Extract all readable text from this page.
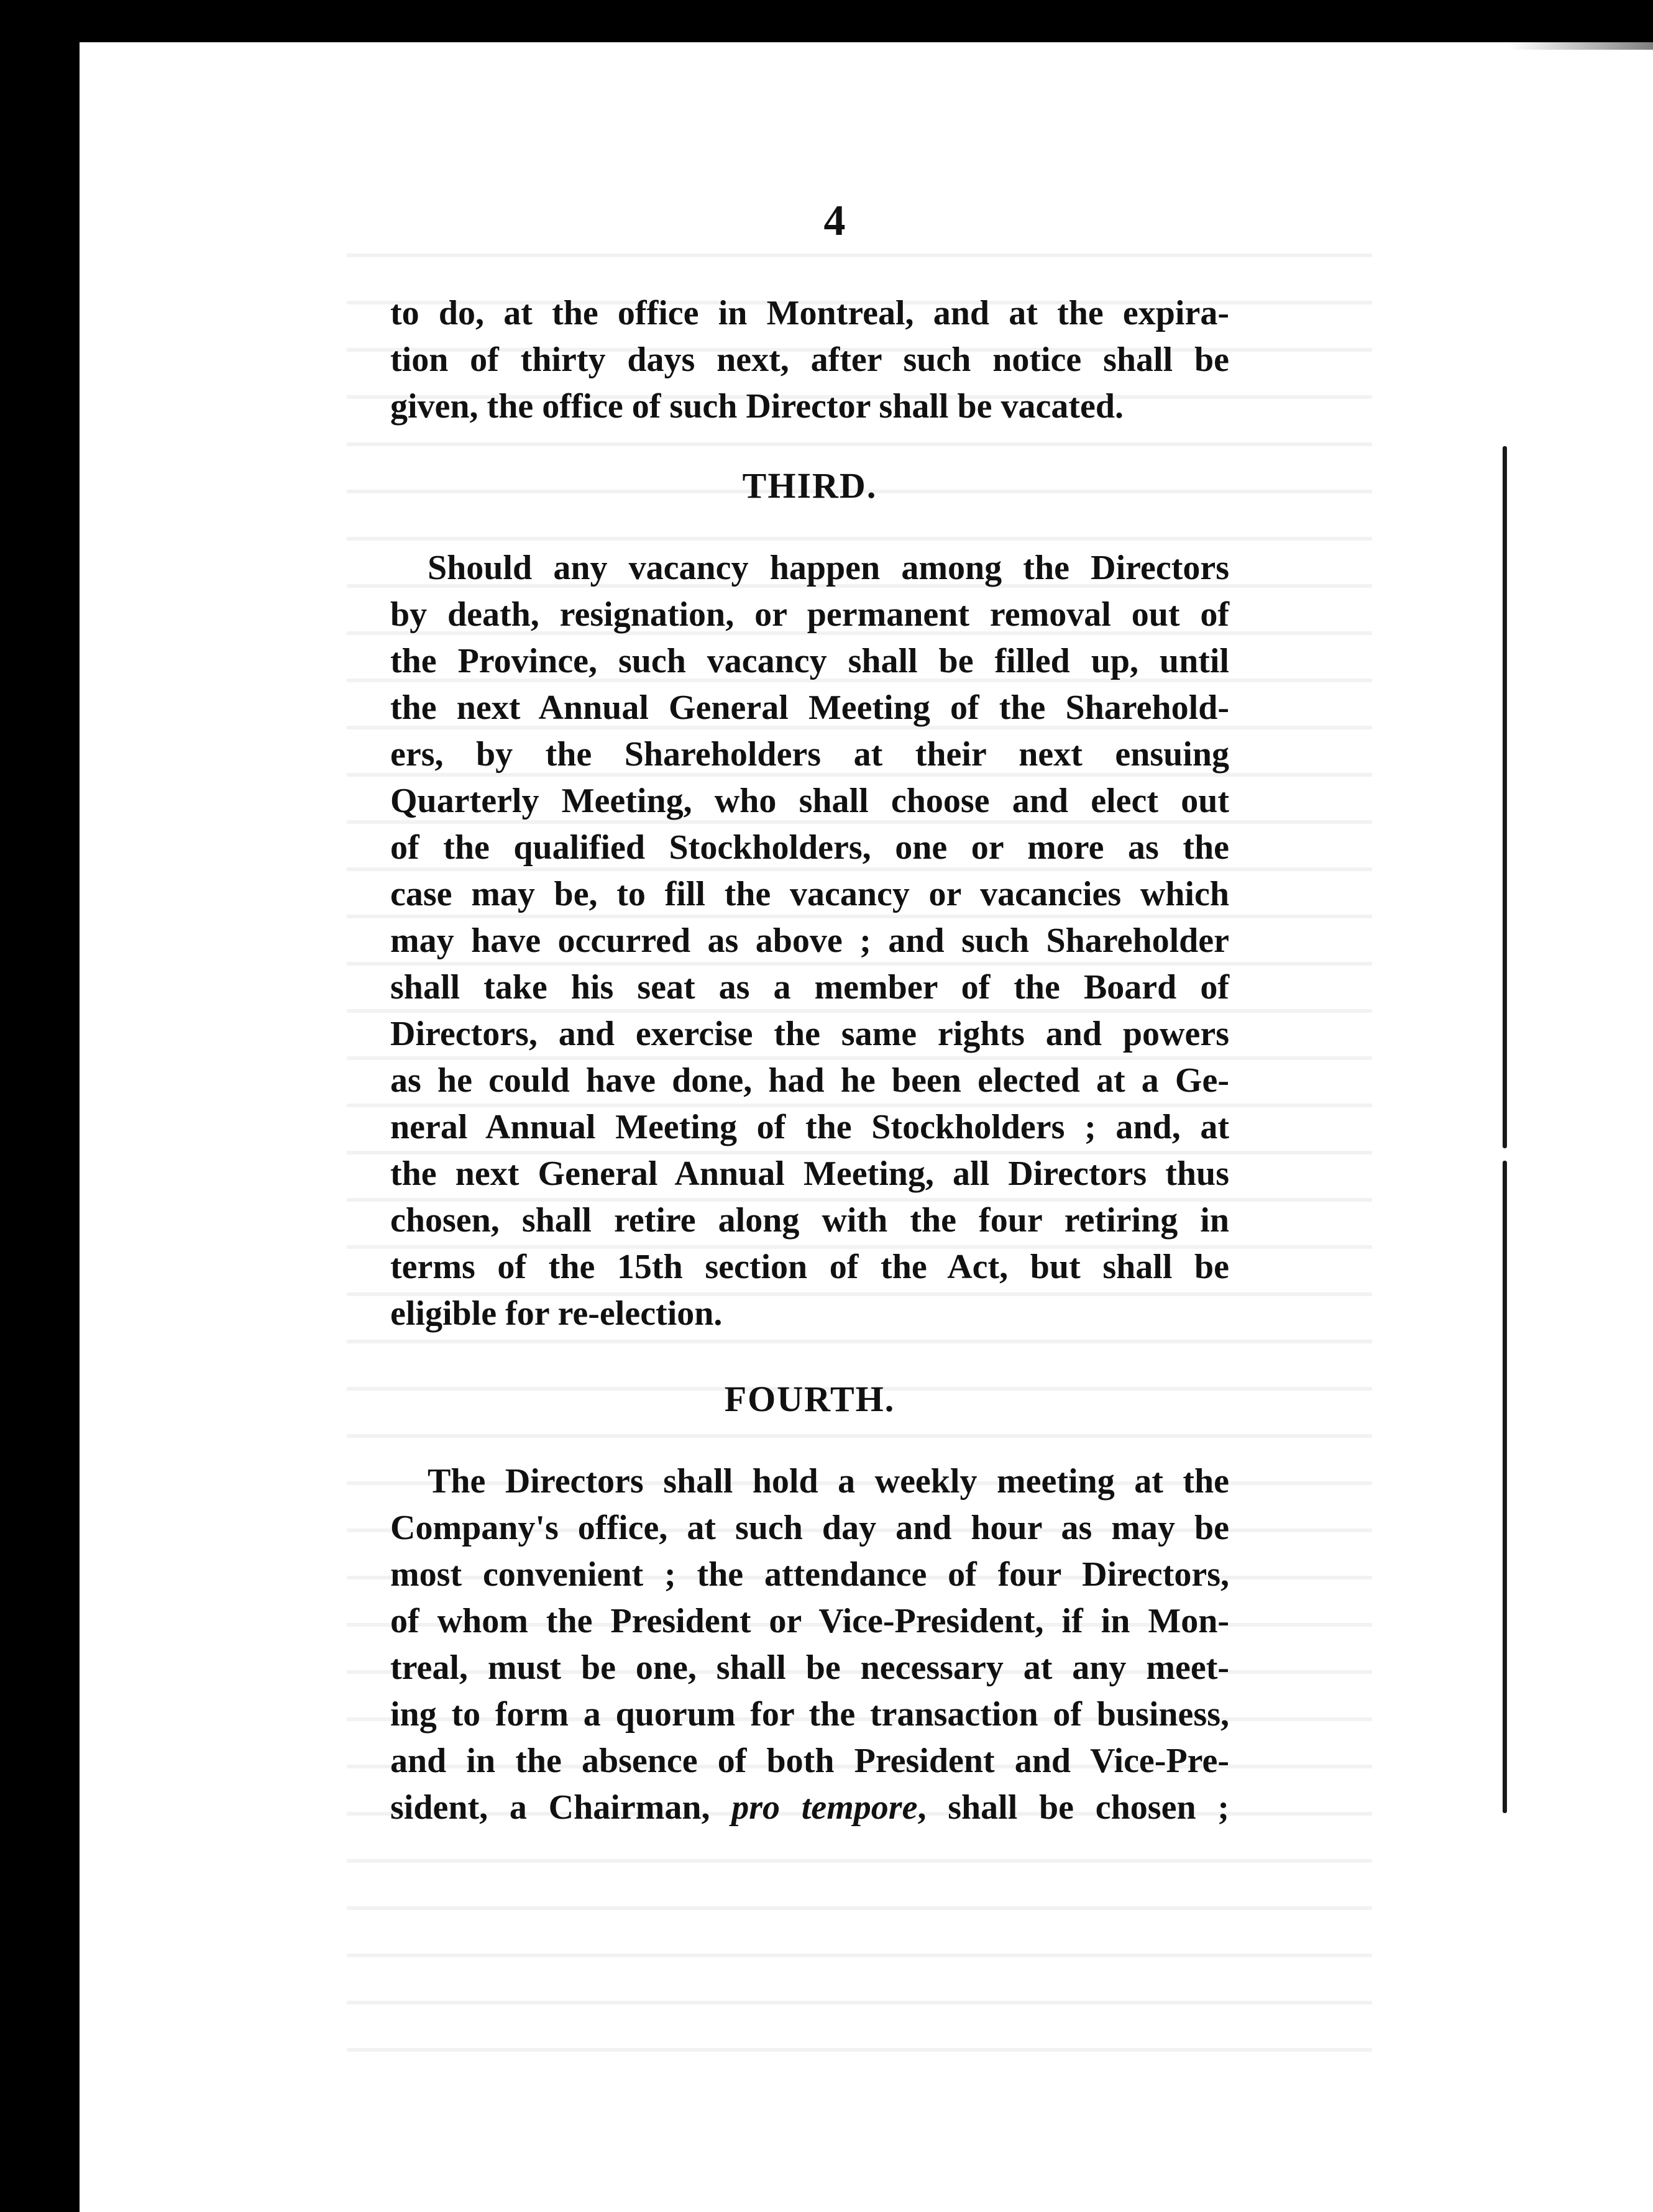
4

to do, at the office in Montreal, and at the expira-

tion of thirty days next, after such notice shall be

given, the office of such Director shall be vacated.

THIRD.

Should any vacancy happen among the Directors

by death, resignation, or permanent removal out of

the Province, such vacancy shall be filled up, until

the next Annual General Meeting of the Sharehold-

ers, by the Shareholders at their next ensuing

Quarterly Meeting, who shall choose and elect out

of the qualified Stockholders, one or more as the

case may be, to fill the vacancy or vacancies which

may have occurred as above ; and such Shareholder

shall take his seat as a member of the Board of

Directors, and exercise the same rights and powers

as he could have done, had he been elected at a Ge-

neral Annual Meeting of the Stockholders ; and, at

the next General Annual Meeting, all Directors thus

chosen, shall retire along with the four retiring in

terms of the 15th section of the Act, but shall be

eligible for re-election.

FOURTH.

The Directors shall hold a weekly meeting at the

Company's office, at such day and hour as may be

most convenient ; the attendance of four Directors,

of whom the President or Vice-President, if in Mon-

treal, must be one, shall be necessary at any meet-

ing to form a quorum for the transaction of business,

and in the absence of both President and Vice-Pre-

sident, a Chairman, pro tempore, shall be chosen ;
